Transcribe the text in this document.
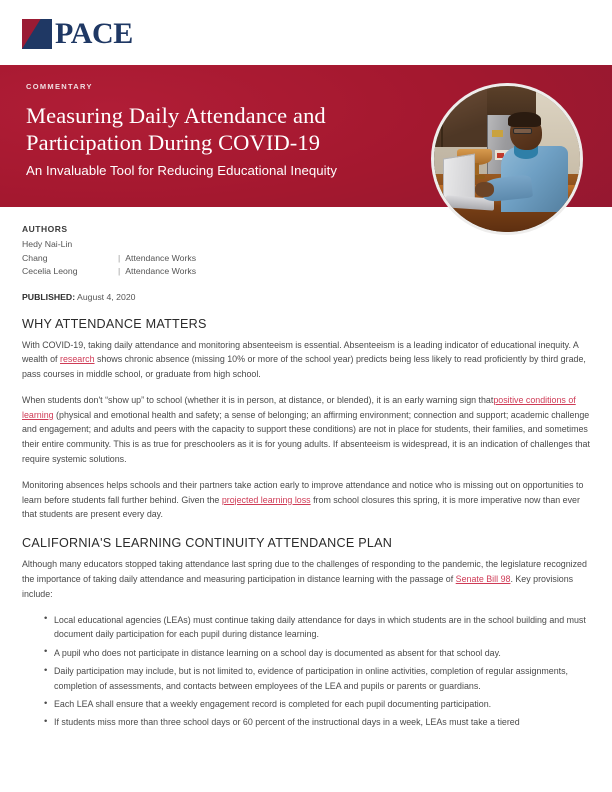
PACE
COMMENTARY
Measuring Daily Attendance and
Participation During COVID-19
An Invaluable Tool for Reducing Educational Inequity
AUTHORS
Hedy Nai-Lin
Chang	| Attendance Works
Cecelia Leong	| Attendance Works
PUBLISHED: August 4, 2020
WHY ATTENDANCE MATTERS

With COVID-19, taking daily attendance and monitoring absenteeism is essential. Absenteeism is a leading indicator of educational inequity. A wealth of research shows chronic absence (missing 10% or more of the school year) predicts being less likely to read proficiently by third grade, pass courses in middle school, or graduate from high school.

When students don't “show up” to school (whether it is in person, at distance, or blended), it is an early warning sign thatpositive conditions of learning (physical and emotional health and safety; a sense of belonging; an affirming environment; connection and support; academic challenge and engagement; and adults and peers with the capacity to support these conditions) are not in place for students, their families, and sometimes their entire community. This is as true for preschoolers as it is for young adults. If absenteeism is widespread, it is an indication of challenges that require systemic solutions.

Monitoring absences helps schools and their partners take action early to improve attendance and notice who is missing out on opportunities to learn before students fall further behind. Given the projected learning loss from school closures this spring, it is more imperative now than ever that students are present every day.

CALIFORNIA'S LEARNING CONTINUITY ATTENDANCE PLAN

Although many educators stopped taking attendance last spring due to the challenges of responding to the pandemic, the legislature recognized the importance of taking daily attendance and measuring participation in distance learning with the passage of Senate Bill 98. Key provisions include:

• Local educational agencies (LEAs) must continue taking daily attendance for days in which students are in the school building and must document daily participation for each pupil during distance learning.
• A pupil who does not participate in distance learning on a school day is documented as absent for that school day.
• Daily participation may include, but is not limited to, evidence of participation in online activities, completion of regular assignments, completion of assessments, and contacts between employees of the LEA and pupils or parents or guardians.
• Each LEA shall ensure that a weekly engagement record is completed for each pupil documenting participation.
• If students miss more than three school days or 60 percent of the instructional days in a week, LEAs must take a tiered
